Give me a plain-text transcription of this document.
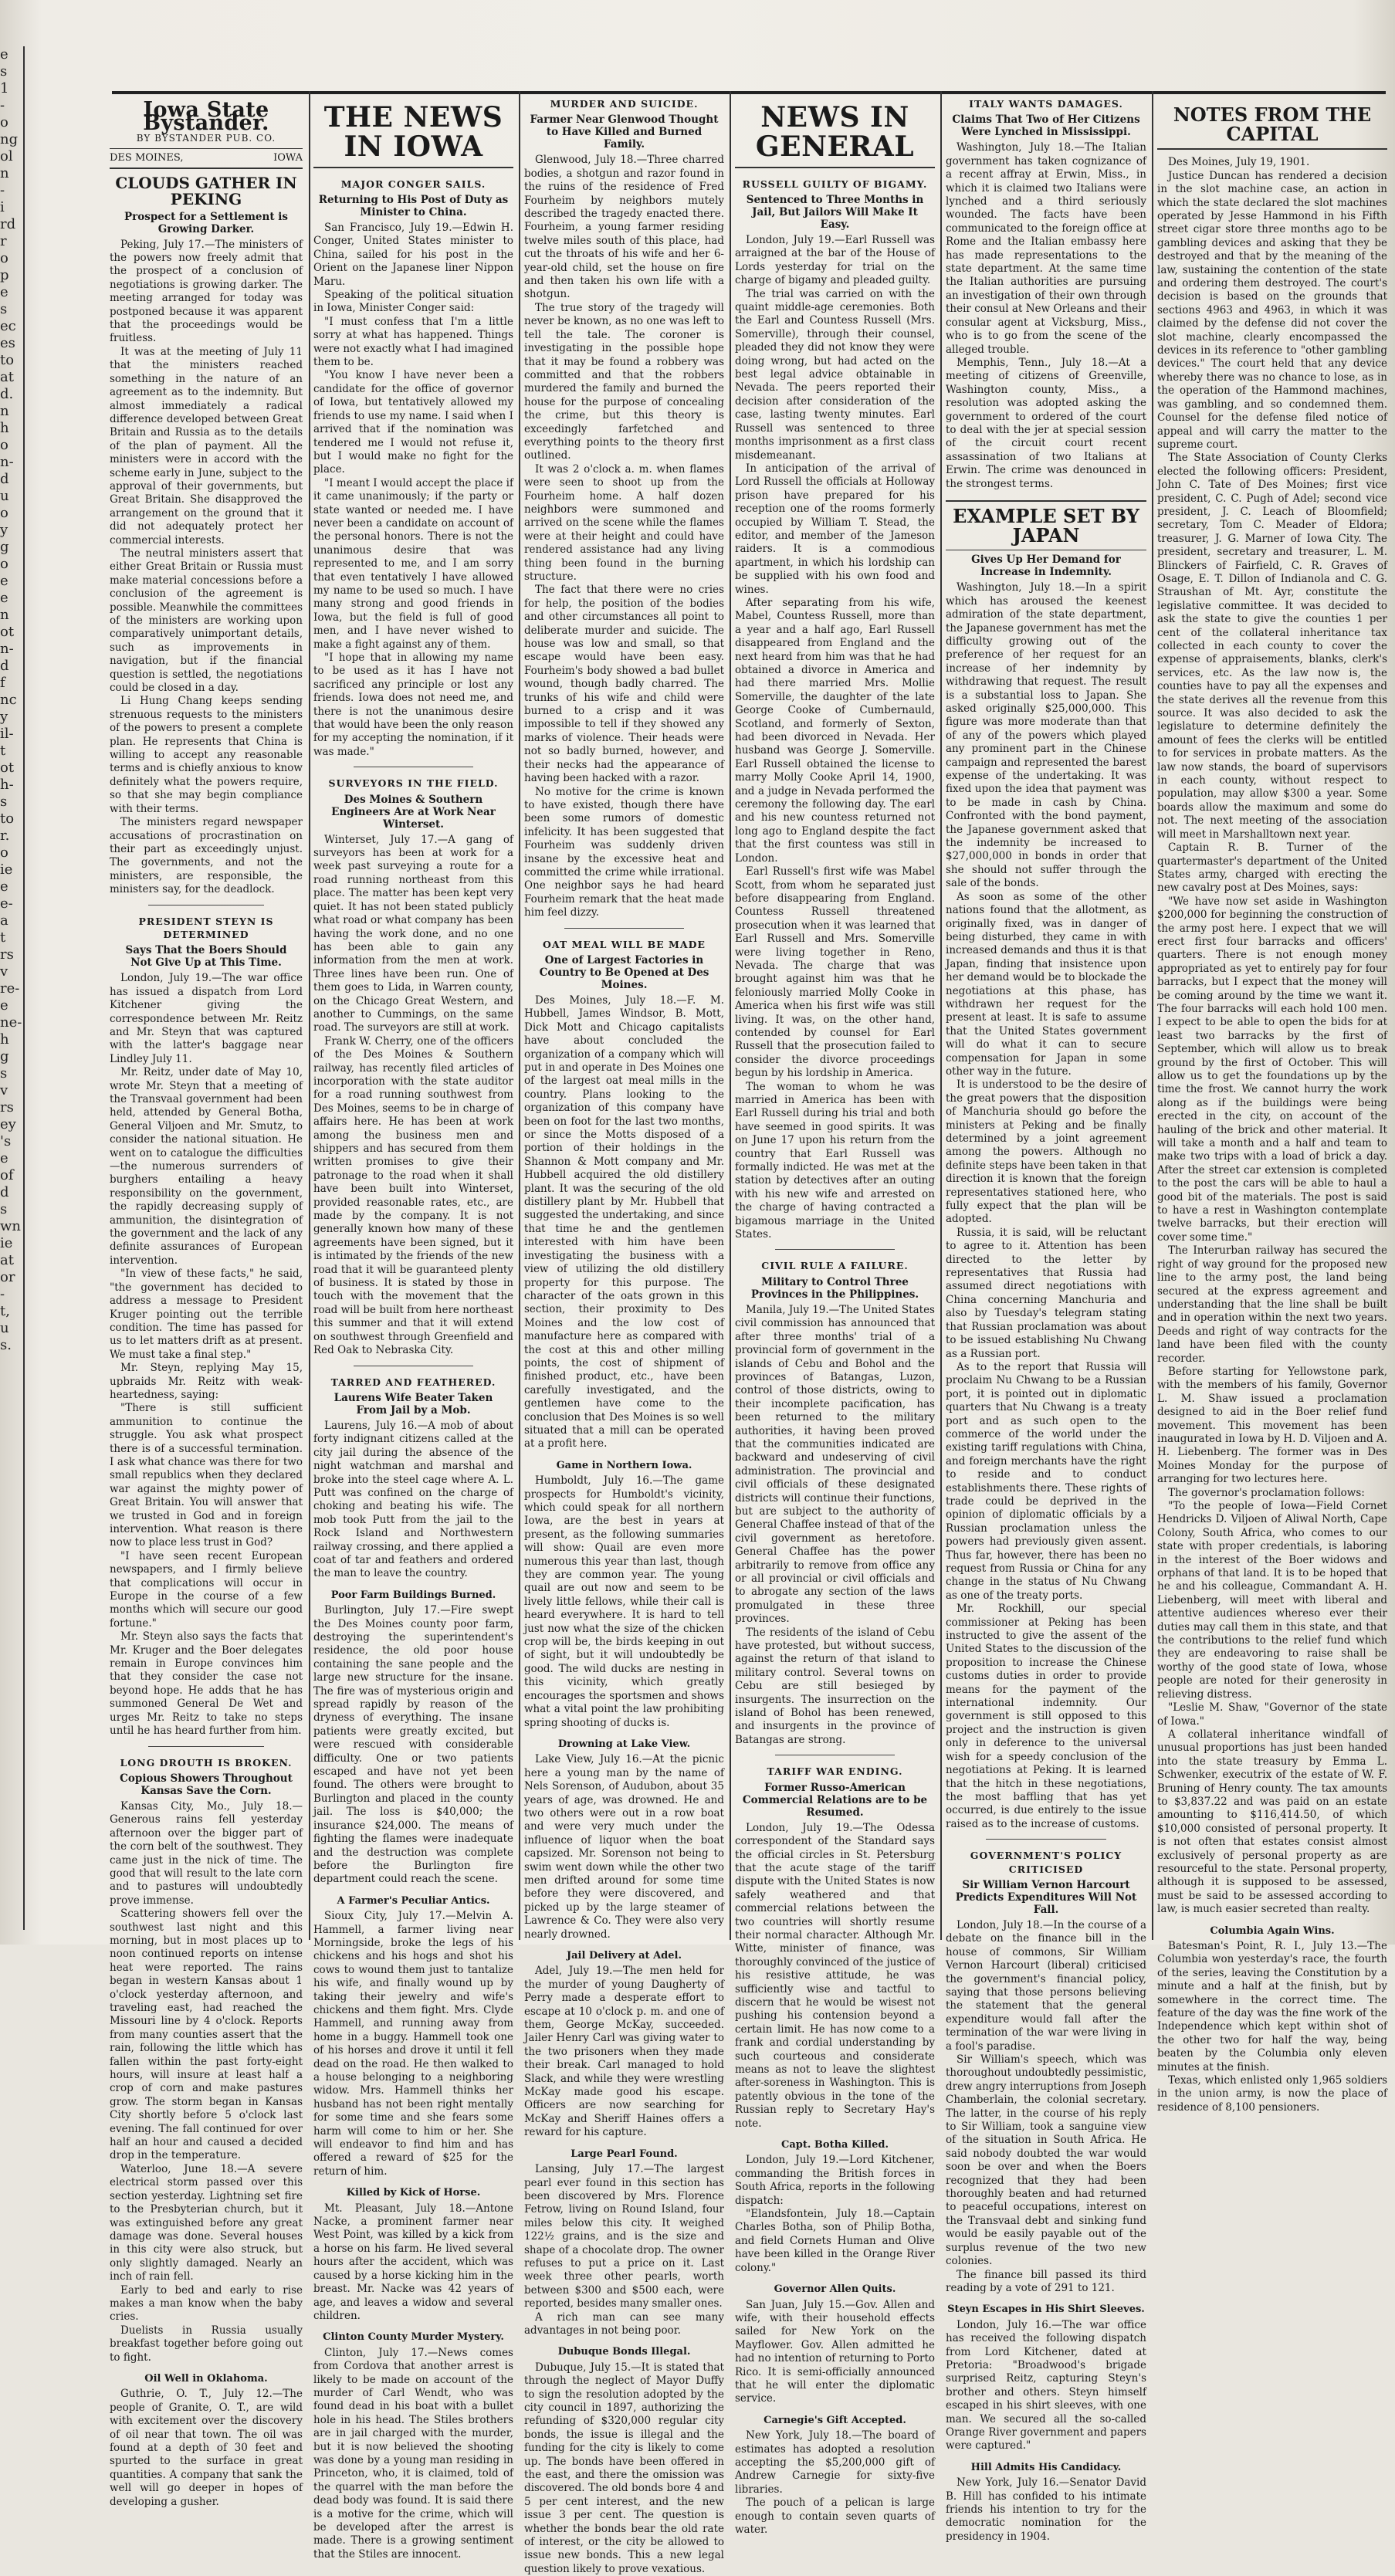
e
s
1
-
o
ng
ol
n
-
i
rd
r
o
p
e
s
ec
es
to
at
d.
n
h
o
n-
d
u
o
y
g
o
e
e
n
ot
n-
d
f
nc
y
il-
t
ot
h-
s
to
r.
o
ie
e
e-
a
t
rs
v
re-
e
ne-
h
g
s
v
rs
ey
's
e
of
d
s
wn
ie
at
or
-
t,
u
s.
Iowa State Bystander.
BY BYSTANDER PUB. CO.
DES MOINES,	IOWA
CLOUDS GATHER IN PEKING
Prospect for a Settlement is Growing Darker.

Peking, July 17.—The ministers of the powers now freely admit that the prospect of a conclusion of negotiations is growing darker. The meeting arranged for today was postponed because it was apparent that the proceedings would be fruitless.

It was at the meeting of July 11 that the ministers reached something in the nature of an agreement as to the indemnity. But almost immediately a radical difference developed between Great Britain and Russia as to the details of the plan of payment. All the ministers were in accord with the scheme early in June, subject to the approval of their governments, but Great Britain. She disapproved the arrangement on the ground that it did not adequately protect her commercial interests.

The neutral ministers assert that either Great Britain or Russia must make material concessions before a conclusion of the agreement is possible. Meanwhile the committees of the ministers are working upon comparatively unimportant details, such as improvements in navigation, but if the financial question is settled, the negotiations could be closed in a day.

Li Hung Chang keeps sending strenuous requests to the ministers of the powers to present a complete plan. He represents that China is willing to accept any reasonable terms and is chiefly anxious to know definitely what the powers require, so that she may begin compliance with their terms.

The ministers regard newspaper accusations of procrastination on their part as exceedingly unjust. The governments, and not the ministers, are responsible, the ministers say, for the deadlock.

PRESIDENT STEYN IS DETERMINED
Says That the Boers Should Not Give Up at This Time.

London, July 19.—The war office has issued a dispatch from Lord Kitchener giving the correspondence between Mr. Reitz and Mr. Steyn that was captured with the latter's baggage near Lindley July 11.

Mr. Reitz, under date of May 10, wrote Mr. Steyn that a meeting of the Transvaal government had been held, attended by General Botha, General Viljoen and Mr. Smutz, to consider the national situation. He went on to catalogue the difficulties—the numerous surrenders of burghers entailing a heavy responsibility on the government, the rapidly decreasing supply of ammunition, the disintegration of the government and the lack of any definite assurances of European intervention.

"In view of these facts," he said, "the government has decided to address a message to President Kruger pointing out the terrible condition. The time has passed for us to let matters drift as at present. We must take a final step."

Mr. Steyn, replying May 15, upbraids Mr. Reitz with weak-heartedness, saying:

"There is still sufficient ammunition to continue the struggle. You ask what prospect there is of a successful termination. I ask what chance was there for two small republics when they declared war against the mighty power of Great Britain. You will answer that we trusted in God and in foreign intervention. What reason is there now to place less trust in God?

"I have seen recent European newspapers, and I firmly believe that complications will occur in Europe in the course of a few months which will secure our good fortune."

Mr. Steyn also says the facts that Mr. Kruger and the Boer delegates remain in Europe convinces him that they consider the case not beyond hope. He adds that he has summoned General De Wet and urges Mr. Reitz to take no steps until he has heard further from him.

LONG DROUTH IS BROKEN.
Copious Showers Throughout Kansas Save the Corn.

Kansas City, Mo., July 18.—Generous rains fell yesterday afternoon over the bigger part of the corn belt of the southwest. They came just in the nick of time. The good that will result to the late corn and to pastures will undoubtedly prove immense.

Scattering showers fell over the southwest last night and this morning, but in most places up to noon continued reports on intense heat were reported. The rains began in western Kansas about 1 o'clock yesterday afternoon, and traveling east, had reached the Missouri line by 4 o'clock. Reports from many counties assert that the rain, following the little which has fallen within the past forty-eight hours, will insure at least half a crop of corn and make pastures grow. The storm began in Kansas City shortly before 5 o'clock last evening. The fall continued for over half an hour and caused a decided drop in the temperature.

Waterloo, June 18.—A severe electrical storm passed over this section yesterday. Lightning set fire to the Presbyterian church, but it was extinguished before any great damage was done. Several houses in this city were also struck, but only slightly damaged. Nearly an inch of rain fell.

Early to bed and early to rise makes a man know when the baby cries.

Duelists in Russia usually breakfast together before going out to fight.

Oil Well in Oklahoma.

Guthrie, O. T., July 12.—The people of Granite, O. T., are wild with excitement over the discovery of oil near that town. The oil was found at a depth of 30 feet and spurted to the surface in great quantities. A company that sank the well will go deeper in hopes of developing a gusher.

THE NEWS IN IOWA
MAJOR CONGER SAILS.
Returning to His Post of Duty as Minister to China.

San Francisco, July 19.—Edwin H. Conger, United States minister to China, sailed for his post in the Orient on the Japanese liner Nippon Maru.

Speaking of the political situation in Iowa, Minister Conger said:

"I must confess that I'm a little sorry at what has happened. Things were not exactly what I had imagined them to be.

"You know I have never been a candidate for the office of governor of Iowa, but tentatively allowed my friends to use my name. I said when I arrived that if the nomination was tendered me I would not refuse it, but I would make no fight for the place.

"I meant I would accept the place if it came unanimously; if the party or state wanted or needed me. I have never been a candidate on account of the personal honors. There is not the unanimous desire that was represented to me, and I am sorry that even tentatively I have allowed my name to be used so much. I have many strong and good friends in Iowa, but the field is full of good men, and I have never wished to make a fight against any of them.

"I hope that in allowing my name to be used as it has I have not sacrificed any principle or lost any friends. Iowa does not need me, and there is not the unanimous desire that would have been the only reason for my accepting the nomination, if it was made."

SURVEYORS IN THE FIELD.
Des Moines & Southern Engineers Are at Work Near Winterset.

Winterset, July 17.—A gang of surveyors has been at work for a week past surveying a route for a road running northeast from this place. The matter has been kept very quiet. It has not been stated publicly what road or what company has been having the work done, and no one has been able to gain any information from the men at work. Three lines have been run. One of them goes to Lida, in Warren county, on the Chicago Great Western, and another to Cummings, on the same road. The surveyors are still at work.

Frank W. Cherry, one of the officers of the Des Moines & Southern railway, has recently filed articles of incorporation with the state auditor for a road running southwest from Des Moines, seems to be in charge of affairs here. He has been at work among the business men and shippers and has secured from them written promises to give their patronage to the road when it shall have been built into Winterset, provided reasonable rates, etc., are made by the company. It is not generally known how many of these agreements have been signed, but it is intimated by the friends of the new road that it will be guaranteed plenty of business. It is stated by those in touch with the movement that the road will be built from here northeast this summer and that it will extend on southwest through Greenfield and Red Oak to Nebraska City.

TARRED AND FEATHERED.
Laurens Wife Beater Taken From Jail by a Mob.

Laurens, July 16.—A mob of about forty indignant citizens called at the city jail during the absence of the night watchman and marshal and broke into the steel cage where A. L. Putt was confined on the charge of choking and beating his wife. The mob took Putt from the jail to the Rock Island and Northwestern railway crossing, and there applied a coat of tar and feathers and ordered the man to leave the country.

Poor Farm Buildings Burned.

Burlington, July 17.—Fire swept the Des Moines county poor farm, destroying the superintendent's residence, the old poor house containing the sane people and the large new structure for the insane. The fire was of mysterious origin and spread rapidly by reason of the dryness of everything. The insane patients were greatly excited, but were rescued with considerable difficulty. One or two patients escaped and have not yet been found. The others were brought to Burlington and placed in the county jail. The loss is $40,000; the insurance $24,000. The means of fighting the flames were inadequate and the destruction was complete before the Burlington fire department could reach the scene.

A Farmer's Peculiar Antics.

Sioux City, July 17.—Melvin A. Hammell, a farmer living near Morningside, broke the legs of his chickens and his hogs and shot his cows to wound them just to tantalize his wife, and finally wound up by taking their jewelry and wife's chickens and them fight. Mrs. Clyde Hammell, and running away from home in a buggy. Hammell took one of his horses and drove it until it fell dead on the road. He then walked to a house belonging to a neighboring widow. Mrs. Hammell thinks her husband has not been right mentally for some time and she fears some harm will come to him or her. She will endeavor to find him and has offered a reward of $25 for the return of him.

Killed by Kick of Horse.

Mt. Pleasant, July 18.—Antone Nacke, a prominent farmer near West Point, was killed by a kick from a horse on his farm. He lived several hours after the accident, which was caused by a horse kicking him in the breast. Mr. Nacke was 42 years of age, and leaves a widow and several children.

Clinton County Murder Mystery.

Clinton, July 17.—News comes from Cordova that another arrest is likely to be made on account of the murder of Carl Wendt, who was found dead in his boat with a bullet hole in his head. The Stiles brothers are in jail charged with the murder, but it is now believed the shooting was done by a young man residing in Princeton, who, it is claimed, told of the quarrel with the man before the dead body was found. It is said there is a motive for the crime, which will be developed after the arrest is made. There is a growing sentiment that the Stiles are innocent.

MURDER AND SUICIDE.
Farmer Near Glenwood Thought to Have Killed and Burned Family.

Glenwood, July 18.—Three charred bodies, a shotgun and razor found in the ruins of the residence of Fred Fourheim by neighbors mutely described the tragedy enacted there. Fourheim, a young farmer residing twelve miles south of this place, had cut the throats of his wife and her 6-year-old child, set the house on fire and then taken his own life with a shotgun.

The true story of the tragedy will never be known, as no one was left to tell the tale. The coroner is investigating in the possible hope that it may be found a robbery was committed and that the robbers murdered the family and burned the house for the purpose of concealing the crime, but this theory is exceedingly farfetched and everything points to the theory first outlined.

It was 2 o'clock a. m. when flames were seen to shoot up from the Fourheim home. A half dozen neighbors were summoned and arrived on the scene while the flames were at their height and could have rendered assistance had any living thing been found in the burning structure.

The fact that there were no cries for help, the position of the bodies and other circumstances all point to deliberate murder and suicide. The house was low and small, so that escape would have been easy. Fourheim's body showed a bad bullet wound, though badly charred. The trunks of his wife and child were burned to a crisp and it was impossible to tell if they showed any marks of violence. Their heads were not so badly burned, however, and their necks had the appearance of having been hacked with a razor.

No motive for the crime is known to have existed, though there have been some rumors of domestic infelicity. It has been suggested that Fourheim was suddenly driven insane by the excessive heat and committed the crime while irrational. One neighbor says he had heard Fourheim remark that the heat made him feel dizzy.

OAT MEAL WILL BE MADE
One of Largest Factories in Country to Be Opened at Des Moines.

Des Moines, July 18.—F. M. Hubbell, James Windsor, B. Mott, Dick Mott and Chicago capitalists have about concluded the organization of a company which will put in and operate in Des Moines one of the largest oat meal mills in the country. Plans looking to the organization of this company have been on foot for the last two months, or since the Motts disposed of a portion of their holdings in the Shannon & Mott company and Mr. Hubbell acquired the old distillery plant. It was the securing of the old distillery plant by Mr. Hubbell that suggested the undertaking, and since that time he and the gentlemen interested with him have been investigating the business with a view of utilizing the old distillery property for this purpose. The character of the oats grown in this section, their proximity to Des Moines and the low cost of manufacture here as compared with the cost at this and other milling points, the cost of shipment of finished product, etc., have been carefully investigated, and the gentlemen have come to the conclusion that Des Moines is so well situated that a mill can be operated at a profit here.

Game in Northern Iowa.

Humboldt, July 16.—The game prospects for Humboldt's vicinity, which could speak for all northern Iowa, are the best in years at present, as the following summaries will show: Quail are even more numerous this year than last, though they are common year. The young quail are out now and seem to be lively little fellows, while their call is heard everywhere. It is hard to tell just now what the size of the chicken crop will be, the birds keeping in out of sight, but it will undoubtedly be good. The wild ducks are nesting in this vicinity, which greatly encourages the sportsmen and shows what a vital point the law prohibiting spring shooting of ducks is.

Drowning at Lake View.

Lake View, July 16.—At the picnic here a young man by the name of Nels Sorenson, of Audubon, about 35 years of age, was drowned. He and two others were out in a row boat and were very much under the influence of liquor when the boat capsized. Mr. Sorenson not being to swim went down while the other two men drifted around for some time before they were discovered, and picked up by the large steamer of Lawrence & Co. They were also very nearly drowned.

Jail Delivery at Adel.

Adel, July 19.—The men held for the murder of young Daugherty of Perry made a desperate effort to escape at 10 o'clock p. m. and one of them, George McKay, succeeded. Jailer Henry Carl was giving water to the two prisoners when they made their break. Carl managed to hold Slack, and while they were wrestling McKay made good his escape. Officers are now searching for McKay and Sheriff Haines offers a reward for his capture.

Large Pearl Found.

Lansing, July 17.—The largest pearl ever found in this section has been discovered by Mrs. Florence Fetrow, living on Round Island, four miles below this city. It weighed 122½ grains, and is the size and shape of a chocolate drop. The owner refuses to put a price on it. Last week three other pearls, worth between $300 and $500 each, were reported, besides many smaller ones.

A rich man can see many advantages in not being poor.

Dubuque Bonds Illegal.

Dubuque, July 15.—It is stated that through the neglect of Mayor Duffy to sign the resolution adopted by the city council in 1897, authorizing the refunding of $320,000 regular city bonds, the issue is illegal and the funding for the city is likely to come up. The bonds have been offered in the east, and there the omission was discovered. The old bonds bore 4 and 5 per cent interest, and the new issue 3 per cent. The question is whether the bonds bear the old rate of interest, or the city be allowed to issue new bonds. This a new legal question likely to prove vexatious.

NEWS IN GENERAL
RUSSELL GUILTY OF BIGAMY.
Sentenced to Three Months in Jail, But Jailors Will Make It Easy.

London, July 19.—Earl Russell was arraigned at the bar of the House of Lords yesterday for trial on the charge of bigamy and pleaded guilty.

The trial was carried on with the quaint middle-age ceremonies. Both the Earl and Countess Russell (Mrs. Somerville), through their counsel, pleaded they did not know they were doing wrong, but had acted on the best legal advice obtainable in Nevada. The peers reported their decision after consideration of the case, lasting twenty minutes. Earl Russell was sentenced to three months imprisonment as a first class misdemeanant.

In anticipation of the arrival of Lord Russell the officials at Holloway prison have prepared for his reception one of the rooms formerly occupied by William T. Stead, the editor, and member of the Jameson raiders. It is a commodious apartment, in which his lordship can be supplied with his own food and wines.

After separating from his wife, Mabel, Countess Russell, more than a year and a half ago, Earl Russell disappeared from England and the next heard from him was that he had obtained a divorce in America and had there married Mrs. Mollie Somerville, the daughter of the late George Cooke of Cumbernauld, Scotland, and formerly of Sexton, had been divorced in Nevada. Her husband was George J. Somerville. Earl Russell obtained the license to marry Molly Cooke April 14, 1900, and a judge in Nevada performed the ceremony the following day. The earl and his new countess returned not long ago to England despite the fact that the first countess was still in London.

Earl Russell's first wife was Mabel Scott, from whom he separated just before disappearing from England. Countess Russell threatened prosecution when it was learned that Earl Russell and Mrs. Somerville were living together in Reno, Nevada. The charge that was brought against him was that he feloniously married Molly Cooke in America when his first wife was still living. It was, on the other hand, contended by counsel for Earl Russell that the prosecution failed to consider the divorce proceedings begun by his lordship in America.

The woman to whom he was married in America has been with Earl Russell during his trial and both have seemed in good spirits. It was on June 17 upon his return from the country that Earl Russell was formally indicted. He was met at the station by detectives after an outing with his new wife and arrested on the charge of having contracted a bigamous marriage in the United States.

CIVIL RULE A FAILURE.
Military to Control Three Provinces in the Philippines.

Manila, July 19.—The United States civil commission has announced that after three months' trial of a provincial form of government in the islands of Cebu and Bohol and the provinces of Batangas, Luzon, control of those districts, owing to their incomplete pacification, has been returned to the military authorities, it having been proved that the communities indicated are backward and undeserving of civil administration. The provincial and civil officials of these designated districts will continue their functions, but are subject to the authority of General Chaffee instead of that of the civil government as heretofore. General Chaffee has the power arbitrarily to remove from office any or all provincial or civil officials and to abrogate any section of the laws promulgated in these three provinces.

The residents of the island of Cebu have protested, but without success, against the return of that island to military control. Several towns on Cebu are still besieged by insurgents. The insurrection on the island of Bohol has been renewed, and insurgents in the province of Batangas are strong.

TARIFF WAR ENDING.
Former Russo-American Commercial Relations are to be Resumed.

London, July 19.—The Odessa correspondent of the Standard says the official circles in St. Petersburg that the acute stage of the tariff dispute with the United States is now safely weathered and that commercial relations between the two countries will shortly resume their normal character. Although Mr. Witte, minister of finance, was thoroughly convinced of the justice of his resistive attitude, he was sufficiently wise and tactful to discern that he would be wisest not pushing his contension beyond a certain limit. He has now come to a frank and cordial understanding by such courteous and considerate means as not to leave the slightest after-soreness in Washington. This is patently obvious in the tone of the Russian reply to Secretary Hay's note.

Capt. Botha Killed.

London, July 19.—Lord Kitchener, commanding the British forces in South Africa, reports in the following dispatch:

"Elandsfontein, July 18.—Captain Charles Botha, son of Philip Botha, and field Cornets Human and Olive have been killed in the Orange River colony."

Governor Allen Quits.

San Juan, July 15.—Gov. Allen and wife, with their household effects sailed for New York on the Mayflower. Gov. Allen admitted he had no intention of returning to Porto Rico. It is semi-officially announced that he will enter the diplomatic service.

Carnegie's Gift Accepted.

New York, July 18.—The board of estimates has adopted a resolution accepting the $5,200,000 gift of Andrew Carnegie for sixty-five libraries.

The pouch of a pelican is large enough to contain seven quarts of water.

ITALY WANTS DAMAGES.
Claims That Two of Her Citizens Were Lynched in Mississippi.

Washington, July 18.—The Italian government has taken cognizance of a recent affray at Erwin, Miss., in which it is claimed two Italians were lynched and a third seriously wounded. The facts have been communicated to the foreign office at Rome and the Italian embassy here has made representations to the state department. At the same time the Italian authorities are pursuing an investigation of their own through their consul at New Orleans and their consular agent at Vicksburg, Miss., who is to go from the scene of the alleged trouble.

Memphis, Tenn., July 18.—At a meeting of citizens of Greenville, Washington county, Miss., a resolution was adopted asking the government to ordered of the court to deal with the jer at special session of the circuit court recent assassination of two Italians at Erwin. The crime was denounced in the strongest terms.

EXAMPLE SET BY JAPAN
Gives Up Her Demand for Increase in Indemnity.

Washington, July 18.—In a spirit which has aroused the keenest admiration of the state department, the Japanese government has met the difficulty growing out of the preference of her request for an increase of her indemnity by withdrawing that request. The result is a substantial loss to Japan. She asked originally $25,000,000. This figure was more moderate than that of any of the powers which played any prominent part in the Chinese campaign and represented the barest expense of the undertaking. It was fixed upon the idea that payment was to be made in cash by China. Confronted with the bond payment, the Japanese government asked that the indemnity be increased to $27,000,000 in bonds in order that she should not suffer through the sale of the bonds.

As soon as some of the other nations found that the allotment, as originally fixed, was in danger of being disturbed, they came in with increased demands and thus it is that Japan, finding that insistence upon her demand would be to blockade the negotiations at this phase, has withdrawn her request for the present at least. It is safe to assume that the United States government will do what it can to secure compensation for Japan in some other way in the future.

It is understood to be the desire of the great powers that the disposition of Manchuria should go before the ministers at Peking and be finally determined by a joint agreement among the powers. Although no definite steps have been taken in that direction it is known that the foreign representatives stationed here, who fully expect that the plan will be adopted.

Russia, it is said, will be reluctant to agree to it. Attention has been directed to the letter by representatives that Russia had assumed direct negotiations with China concerning Manchuria and also by Tuesday's telegram stating that Russian proclamation was about to be issued establishing Nu Chwang as a Russian port.

As to the report that Russia will proclaim Nu Chwang to be a Russian port, it is pointed out in diplomatic quarters that Nu Chwang is a treaty port and as such open to the commerce of the world under the existing tariff regulations with China, and foreign merchants have the right to reside and to conduct establishments there. These rights of trade could be deprived in the opinion of diplomatic officials by a Russian proclamation unless the powers had previously given assent. Thus far, however, there has been no request from Russia or China for any change in the status of Nu Chwang as one of the treaty ports.

Mr. Rockhill, our special commissioner at Peking has been instructed to give the assent of the United States to the discussion of the proposition to increase the Chinese customs duties in order to provide means for the payment of the international indemnity. Our government is still opposed to this project and the instruction is given only in deference to the universal wish for a speedy conclusion of the negotiations at Peking. It is learned that the hitch in these negotiations, the most baffling that has yet occurred, is due entirely to the issue raised as to the increase of customs.

GOVERNMENT'S POLICY CRITICISED
Sir William Vernon Harcourt Predicts Expenditures Will Not Fall.

London, July 18.—In the course of a debate on the finance bill in the house of commons, Sir William Vernon Harcourt (liberal) criticised the government's financial policy, saying that those persons believing the statement that the general expenditure would fall after the termination of the war were living in a fool's paradise.

Sir William's speech, which was thoroughout undoubtedly pessimistic, drew angry interruptions from Joseph Chamberlain, the colonial secretary. The latter, in the course of his reply to Sir William, took a sanguine view of the situation in South Africa. He said nobody doubted the war would soon be over and when the Boers recognized that they had been thoroughly beaten and had returned to peaceful occupations, interest on the Transvaal debt and sinking fund would be easily payable out of the surplus revenue of the two new colonies.

The finance bill passed its third reading by a vote of 291 to 121.

Steyn Escapes in His Shirt Sleeves.

London, July 16.—The war office has received the following dispatch from Lord Kitchener, dated at Pretoria: "Broadwood's brigade surprised Reitz, capturing Steyn's brother and others. Steyn himself escaped in his shirt sleeves, with one man. We secured all the so-called Orange River government and papers were captured."

Hill Admits His Candidacy.

New York, July 16.—Senator David B. Hill has confided to his intimate friends his intention to try for the democratic nomination for the presidency in 1904.

NOTES FROM THE CAPITAL

Des Moines, July 19, 1901.

Justice Duncan has rendered a decision in the slot machine case, an action in which the state declared the slot machines operated by Jesse Hammond in his Fifth street cigar store three months ago to be gambling devices and asking that they be destroyed and that by the meaning of the law, sustaining the contention of the state and ordering them destroyed. The court's decision is based on the grounds that sections 4963 and 4963, in which it was claimed by the defense did not cover the slot machine, clearly encompassed the devices in its reference to "other gambling devices." The court held that any device whereby there was no chance to lose, as in the operation of the Hammond machines, was gambling, and so condemned them. Counsel for the defense filed notice of appeal and will carry the matter to the supreme court.

The State Association of County Clerks elected the following officers: President, John C. Tate of Des Moines; first vice president, C. C. Pugh of Adel; second vice president, J. C. Leach of Bloomfield; secretary, Tom C. Meader of Eldora; treasurer, J. G. Marner of Iowa City. The president, secretary and treasurer, L. M. Blinckers of Fairfield, C. R. Graves of Osage, E. T. Dillon of Indianola and C. G. Straushan of Mt. Ayr, constitute the legislative committee. It was decided to ask the state to give the counties 1 per cent of the collateral inheritance tax collected in each county to cover the expense of appraisements, blanks, clerk's services, etc. As the law now is, the counties have to pay all the expenses and the state derives all the revenue from this source. It was also decided to ask the legislature to determine definitely the amount of fees the clerks will be entitled to for services in probate matters. As the law now stands, the board of supervisors in each county, without respect to population, may allow $300 a year. Some boards allow the maximum and some do not. The next meeting of the association will meet in Marshalltown next year.

Captain R. B. Turner of the quartermaster's department of the United States army, charged with erecting the new cavalry post at Des Moines, says:

"We have now set aside in Washington $200,000 for beginning the construction of the army post here. I expect that we will erect first four barracks and officers' quarters. There is not enough money appropriated as yet to entirely pay for four barracks, but I expect that the money will be coming around by the time we want it. The four barracks will each hold 100 men. I expect to be able to open the bids for at least two barracks by the first of September, which will allow us to break ground by the first of October. This will allow us to get the foundations up by the time the frost. We cannot hurry the work along as if the buildings were being erected in the city, on account of the hauling of the brick and other material. It will take a month and a half and team to make two trips with a load of brick a day. After the street car extension is completed to the post the cars will be able to haul a good bit of the materials. The post is said to have a rest in Washington contemplate twelve barracks, but their erection will cover some time."

The Interurban railway has secured the right of way ground for the proposed new line to the army post, the land being secured at the express agreement and understanding that the line shall be built and in operation within the next two years. Deeds and right of way contracts for the land have been filed with the county recorder.

Before starting for Yellowstone park, with the members of his family, Governor L. M. Shaw issued a proclamation designed to aid in the Boer relief fund movement. This movement has been inaugurated in Iowa by H. D. Viljoen and A. H. Liebenberg. The former was in Des Moines Monday for the purpose of arranging for two lectures here.

The governor's proclamation follows:

"To the people of Iowa—Field Cornet Hendricks D. Viljoen of Aliwal North, Cape Colony, South Africa, who comes to our state with proper credentials, is laboring in the interest of the Boer widows and orphans of that land. It is to be hoped that he and his colleague, Commandant A. H. Liebenberg, will meet with liberal and attentive audiences whereso ever their duties may call them in this state, and that the contributions to the relief fund which they are endeavoring to raise shall be worthy of the good state of Iowa, whose people are noted for their generosity in relieving distress.

"Leslie M. Shaw, "Governor of the state of Iowa."

A collateral inheritance windfall of unusual proportions has just been handed into the state treasury by Emma L. Schwenker, executrix of the estate of W. F. Bruning of Henry county. The tax amounts to $3,837.22 and was paid on an estate amounting to $116,414.50, of which $10,000 consisted of personal property. It is not often that estates consist almost exclusively of personal property as are resourceful to the state. Personal property, although it is supposed to be assessed, must be said to be assessed according to law, is much easier secreted than realty.

Columbia Again Wins.

Batesman's Point, R. I., July 13.—The Columbia won yesterday's race, the fourth of the series, leaving the Constitution by a minute and a half at the finish, but by somewhere in the correct time. The feature of the day was the fine work of the Independence which kept within shot of the other two for half the way, being beaten by the Columbia only eleven minutes at the finish.

Texas, which enlisted only 1,965 soldiers in the union army, is now the place of residence of 8,100 pensioners.
